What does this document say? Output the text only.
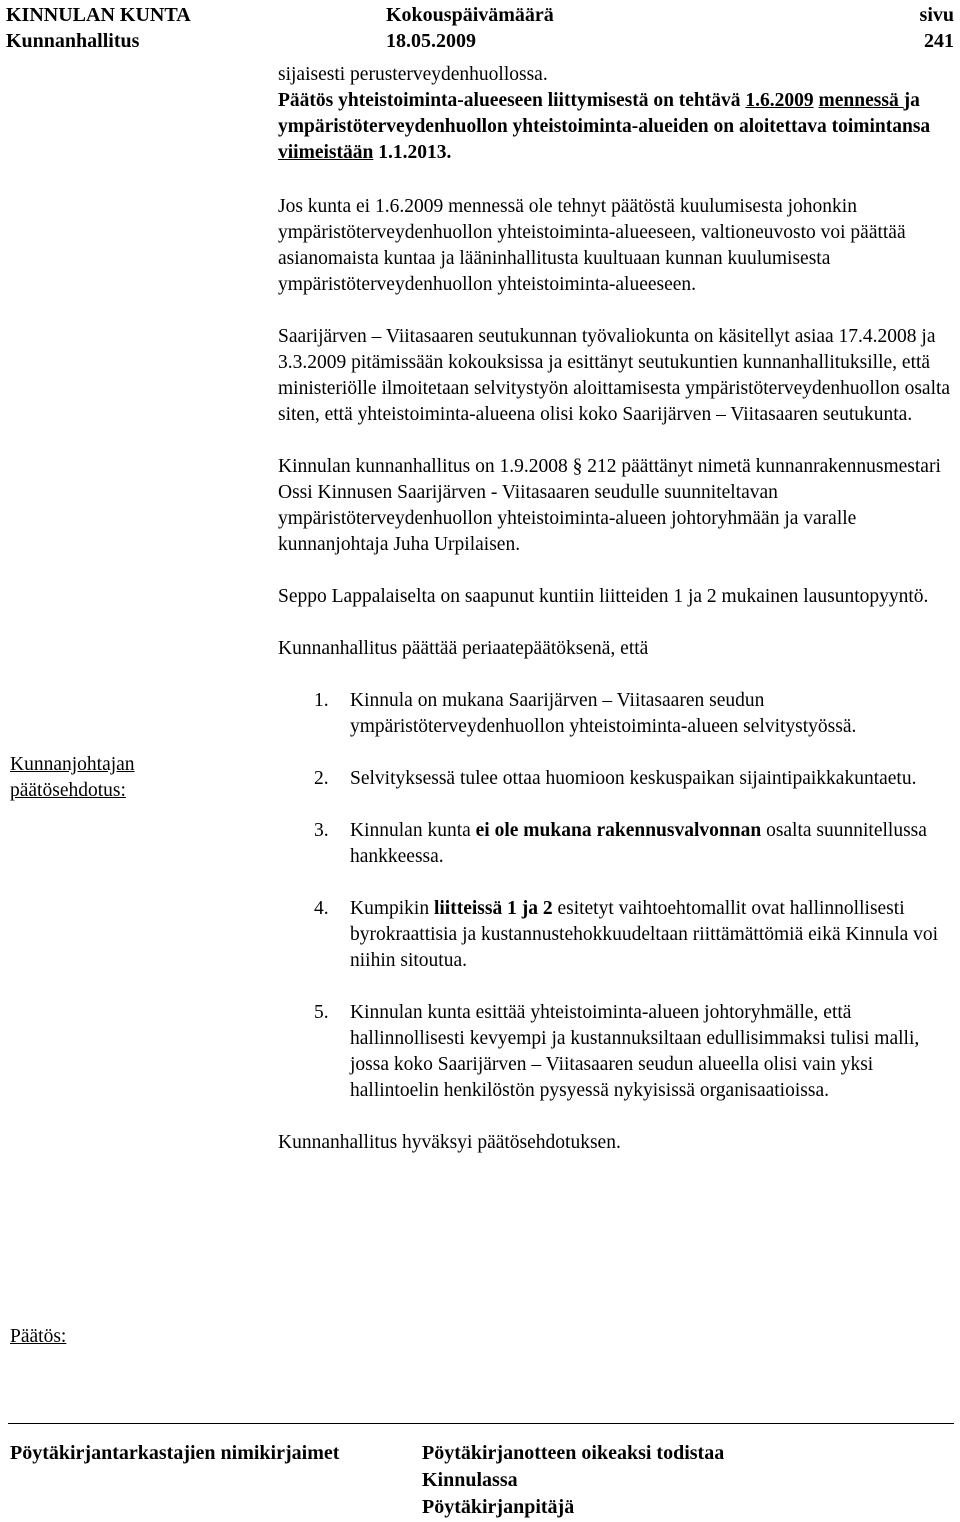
KINNULAN KUNTA
Kunnanhallitus
Kokouspäivämäärä
18.05.2009
sivu
241

sijaisesti perusterveydenhuollossa.

Päätös yhteistoiminta-alueeseen liittymisestä on tehtävä 1.6.2009 mennessä ja ympäristöterveydenhuollon yhteistoiminta-alueiden on aloitettava toimintansa viimeistään 1.1.2013.

Jos kunta ei 1.6.2009 mennessä ole tehnyt päätöstä kuulumisesta johonkin ympäristöterveydenhuollon yhteistoiminta-alueeseen, valtioneuvosto voi päättää asianomaista kuntaa ja lääninhallitusta kuultuaan kunnan kuulumisesta ympäristöterveydenhuollon yhteistoiminta-alueeseen.

Saarijärven – Viitasaaren seutukunnan työvaliokunta on käsitellyt asiaa 17.4.2008 ja 3.3.2009 pitämissään kokouksissa ja esittänyt seutukuntien kunnanhallituksille, että ministeriölle ilmoitetaan selvitystyön aloittamisesta ympäristöterveydenhuollon osalta siten, että yhteistoiminta-alueena olisi koko Saarijärven – Viitasaaren seutukunta.

Kinnulan kunnanhallitus on 1.9.2008 § 212 päättänyt nimetä kunnanrakennusmestari Ossi Kinnusen Saarijärven - Viitasaaren seudulle suunniteltavan ympäristöterveydenhuollon yhteistoiminta-alueen johtoryhmään ja varalle kunnanjohtaja Juha Urpilaisen.

Seppo Lappalaiselta on saapunut kuntiin liitteiden 1 ja 2 mukainen lausuntopyyntö.

Kunnanhallitus päättää periaatepäätöksenä, että

1. Kinnula on mukana Saarijärven – Viitasaaren seudun ympäristöterveydenhuollon yhteistoiminta-alueen selvitystyössä.
2. Selvityksessä tulee ottaa huomioon keskuspaikan sijaintipaikkakuntaetu.
3. Kinnulan kunta ei ole mukana rakennusvalvonnan osalta suunnitellussa hankkeessa.
4. Kumpikin liitteissä 1 ja 2 esitetyt vaihtoehtomallit ovat hallinnollisesti byrokraattisia ja kustannustehokkuudeltaan riittämättömiä eikä Kinnula voi niihin sitoutua.
5. Kinnulan kunta esittää yhteistoiminta-alueen johtoryhmälle, että hallinnollisesti kevyempi ja kustannuksiltaan edullisimmaksi tulisi malli, jossa koko Saarijärven – Viitasaaren seudun alueella olisi vain yksi hallintoelin henkilöstön pysyessä nykyisissä organisaatioissa.

Kunnanhallitus hyväksyi päätösehdotuksen.

Kunnanjohtajan
päätösehdotus:
Päätös:
Pöytäkirjantarkastajien nimikirjaimet	Pöytäkirjanotteen oikeaksi todistaa
Kinnulassa
Pöytäkirjanpitäjä
